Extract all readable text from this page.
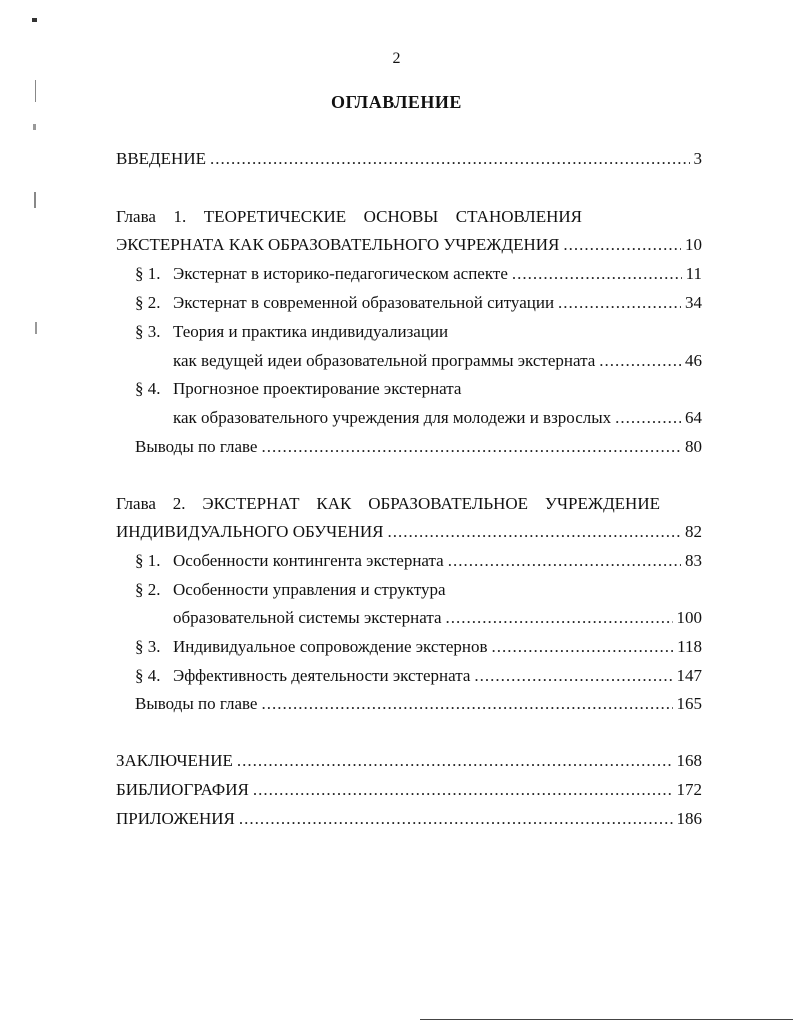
2
ОГЛАВЛЕНИЕ
ВВЕДЕНИЕ .....	3
Глава 1. ТЕОРЕТИЧЕСКИЕ ОСНОВЫ СТАНОВЛЕНИЯ
ЭКСТЕРНАТА КАК ОБРАЗОВАТЕЛЬНОГО УЧРЕЖДЕНИЯ .....	10
§ 1. Экстернат в историко-педагогическом аспекте .....	11
§ 2. Экстернат в современной образовательной ситуации .....	34
§ 3. Теория и практика индивидуализации
как ведущей идеи образовательной программы экстерната .....	46
§ 4. Прогнозное проектирование экстерната
как образовательного учреждения для молодежи и взрослых .....	64
Выводы по главе .....	80
Глава 2. ЭКСТЕРНАТ КАК ОБРАЗОВАТЕЛЬНОЕ УЧРЕЖДЕНИЕ
ИНДИВИДУАЛЬНОГО ОБУЧЕНИЯ .....	82
§ 1. Особенности контингента экстерната .....	83
§ 2. Особенности управления и структура
образовательной системы экстерната .....	100
§ 3. Индивидуальное сопровождение экстернов .....	118
§ 4. Эффективность деятельности экстерната .....	147
Выводы по главе .....	165
ЗАКЛЮЧЕНИЕ .....	168
БИБЛИОГРАФИЯ .....	172
ПРИЛОЖЕНИЯ .....	186
